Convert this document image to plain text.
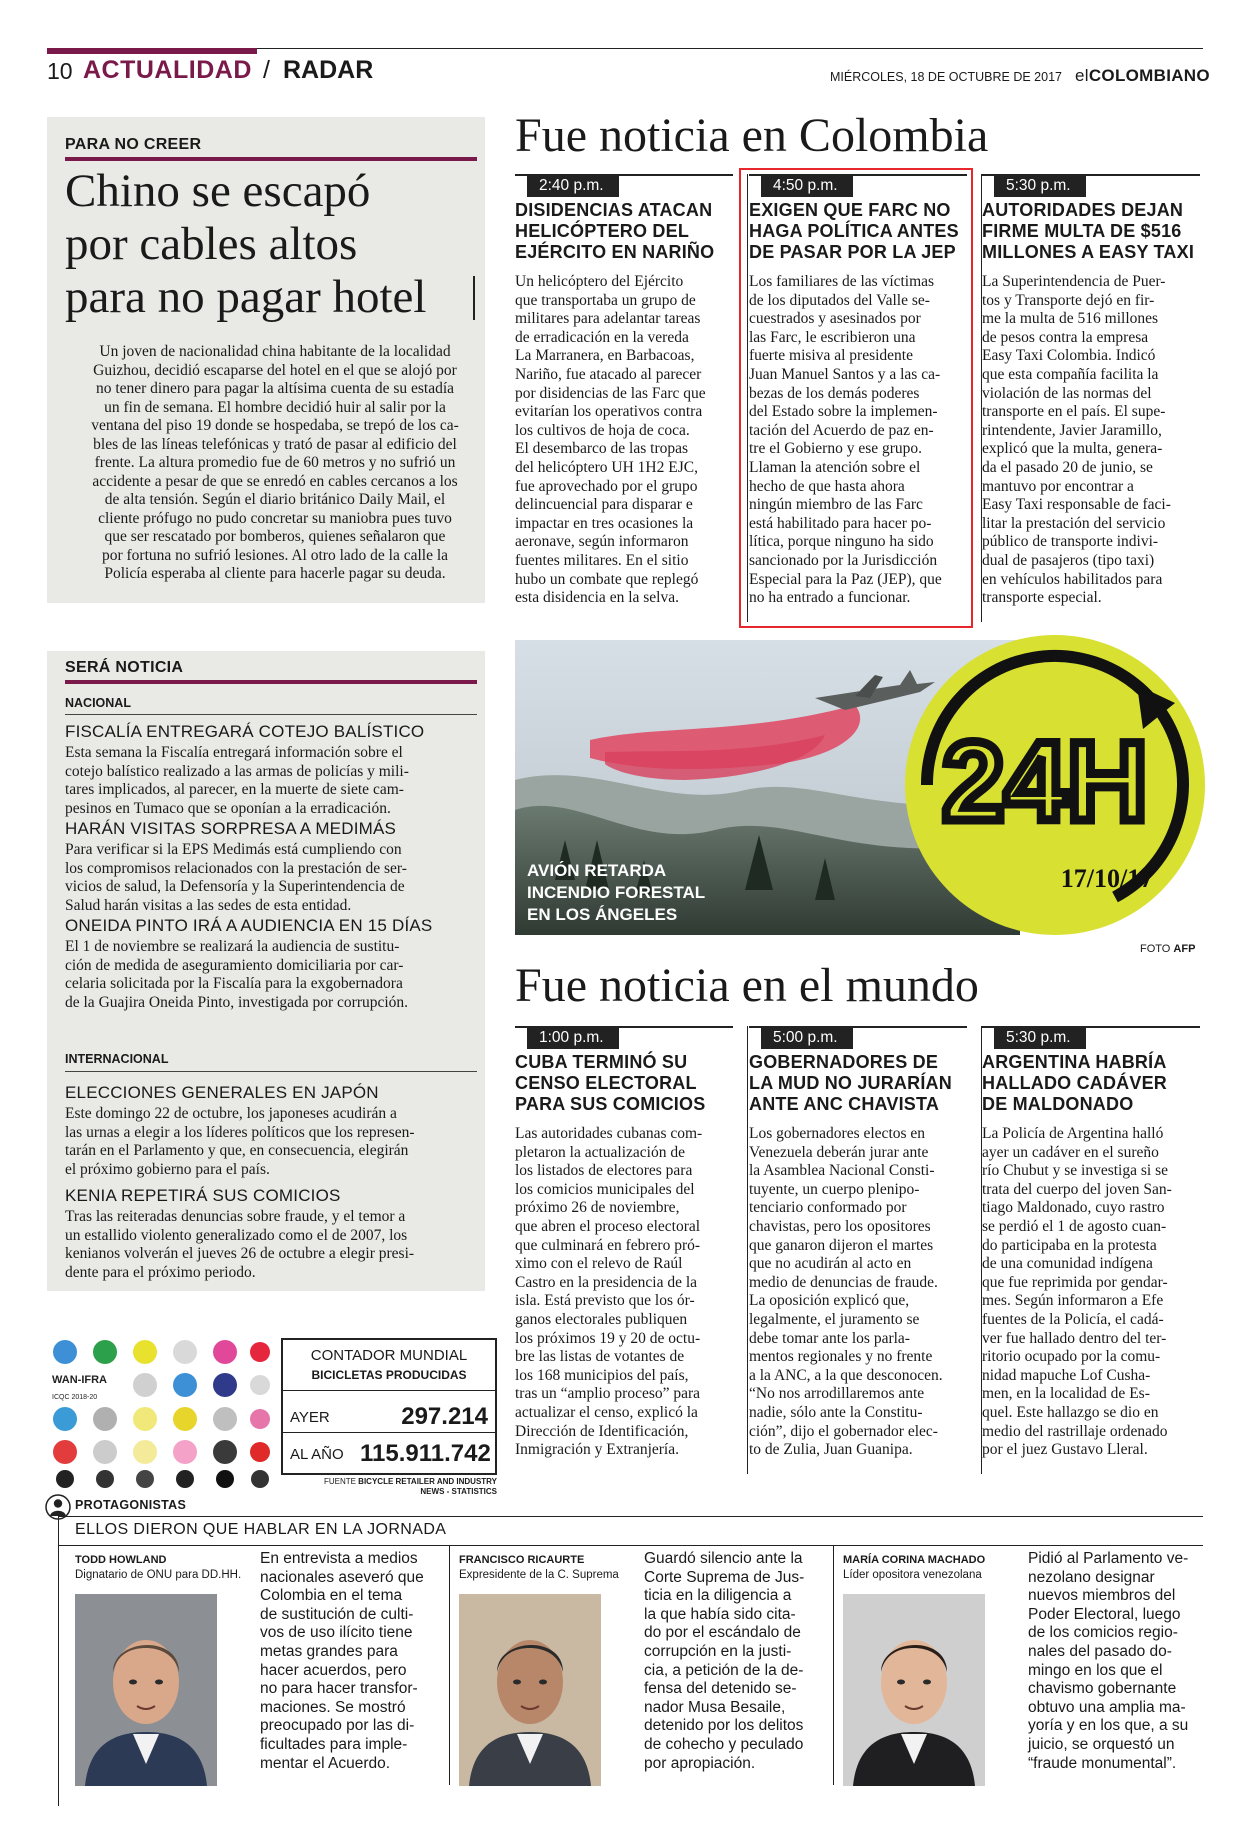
10 ACTUALIDAD / RADAR	MIÉRCOLES, 18 DE OCTUBRE DE 2017 elCOLOMBIANO
PARA NO CREER
Chino se escapó
por cables altos
para no pagar hotel
Un joven de nacionalidad china habitante de la localidad
Guizhou, decidió escaparse del hotel en el que se alojó por
no tener dinero para pagar la altísima cuenta de su estadía
un fin de semana. El hombre decidió huir al salir por la
ventana del piso 19 donde se hospedaba, se trepó de los ca-
bles de las líneas telefónicas y trató de pasar al edificio del
frente. La altura promedio fue de 60 metros y no sufrió un
accidente a pesar de que se enredó en cables cercanos a los
de alta tensión. Según el diario británico Daily Mail, el
cliente prófugo no pudo concretar su maniobra pues tuvo
que ser rescatado por bomberos, quienes señalaron que
por fortuna no sufrió lesiones. Al otro lado de la calle la
Policía esperaba al cliente para hacerle pagar su deuda.
Fue noticia en Colombia
2:40 p.m.
DISIDENCIAS ATACAN
HELICÓPTERO DEL
EJÉRCITO EN NARIÑO
Un helicóptero del Ejército
que transportaba un grupo de
militares para adelantar tareas
de erradicación en la vereda
La Marranera, en Barbacoas,
Nariño, fue atacado al parecer
por disidencias de las Farc que
evitarían los operativos contra
los cultivos de hoja de coca.
El desembarco de las tropas
del helicóptero UH 1H2 EJC,
fue aprovechado por el grupo
delincuencial para disparar e
impactar en tres ocasiones la
aeronave, según informaron
fuentes militares. En el sitio
hubo un combate que replegó
esta disidencia en la selva.
4:50 p.m.
EXIGEN QUE FARC NO
HAGA POLÍTICA ANTES
DE PASAR POR LA JEP
Los familiares de las víctimas
de los diputados del Valle se-
cuestrados y asesinados por
las Farc, le escribieron una
fuerte misiva al presidente
Juan Manuel Santos y a las ca-
bezas de los demás poderes
del Estado sobre la implemen-
tación del Acuerdo de paz en-
tre el Gobierno y ese grupo.
Llaman la atención sobre el
hecho de que hasta ahora
ningún miembro de las Farc
está habilitado para hacer po-
lítica, porque ninguno ha sido
sancionado por la Jurisdicción
Especial para la Paz (JEP), que
no ha entrado a funcionar.
5:30 p.m.
AUTORIDADES DEJAN
FIRME MULTA DE $516
MILLONES A EASY TAXI
La Superintendencia de Puer-
tos y Transporte dejó en fir-
me la multa de 516 millones
de pesos contra la empresa
Easy Taxi Colombia. Indicó
que esta compañía facilita la
violación de las normas del
transporte en el país. El supe-
rintendente, Javier Jaramillo,
explicó que la multa, genera-
da el pasado 20 de junio, se
mantuvo por encontrar a
Easy Taxi responsable de faci-
litar la prestación del servicio
público de transporte indivi-
dual de pasajeros (tipo taxi)
en vehículos habilitados para
transporte especial.
SERÁ NOTICIA
NACIONAL
FISCALÍA ENTREGARÁ COTEJO BALÍSTICO
Esta semana la Fiscalía entregará información sobre el
cotejo balístico realizado a las armas de policías y mili-
tares implicados, al parecer, en la muerte de siete cam-
pesinos en Tumaco que se oponían a la erradicación.
HARÁN VISITAS SORPRESA A MEDIMÁS
Para verificar si la EPS Medimás está cumpliendo con
los compromisos relacionados con la prestación de ser-
vicios de salud, la Defensoría y la Superintendencia de
Salud harán visitas a las sedes de esta entidad.
ONEIDA PINTO IRÁ A AUDIENCIA EN 15 DÍAS
El 1 de noviembre se realizará la audiencia de sustitu-
ción de medida de aseguramiento domiciliaria por car-
celaria solicitada por la Fiscalía para la exgobernadora
de la Guajira Oneida Pinto, investigada por corrupción.
INTERNACIONAL
ELECCIONES GENERALES EN JAPÓN
Este domingo 22 de octubre, los japoneses acudirán a
las urnas a elegir a los líderes políticos que los represen-
tarán en el Parlamento y que, en consecuencia, elegirán
el próximo gobierno para el país.
KENIA REPETIRÁ SUS COMICIOS
Tras las reiteradas denuncias sobre fraude, y el temor a
un estallido violento generalizado como el de 2007, los
kenianos volverán el jueves 26 de octubre a elegir presi-
dente para el próximo periodo.
AVIÓN RETARDA
INCENDIO FORESTAL
EN LOS ÁNGELES
24H
17/10/17
FOTO AFP
Fue noticia en el mundo
1:00 p.m.
CUBA TERMINÓ SU
CENSO ELECTORAL
PARA SUS COMICIOS
Las autoridades cubanas com-
pletaron la actualización de
los listados de electores para
los comicios municipales del
próximo 26 de noviembre,
que abren el proceso electoral
que culminará en febrero pró-
ximo con el relevo de Raúl
Castro en la presidencia de la
isla. Está previsto que los ór-
ganos electorales publiquen
los próximos 19 y 20 de octu-
bre las listas de votantes de
los 168 municipios del país,
tras un “amplio proceso” para
actualizar el censo, explicó la
Dirección de Identificación,
Inmigración y Extranjería.
5:00 p.m.
GOBERNADORES DE
LA MUD NO JURARÍAN
ANTE ANC CHAVISTA
Los gobernadores electos en
Venezuela deberán jurar ante
la Asamblea Nacional Consti-
tuyente, un cuerpo plenipo-
tenciario conformado por
chavistas, pero los opositores
que ganaron dijeron el martes
que no acudirán al acto en
medio de denuncias de fraude.
La oposición explicó que,
legalmente, el juramento se
debe tomar ante los parla-
mentos regionales y no frente
a la ANC, a la que desconocen.
“No nos arrodillaremos ante
nadie, sólo ante la Constitu-
ción”, dijo el gobernador elec-
to de Zulia, Juan Guanipa.
5:30 p.m.
ARGENTINA HABRÍA
HALLADO CADÁVER
DE MALDONADO
La Policía de Argentina halló
ayer un cadáver en el sureño
río Chubut y se investiga si se
trata del cuerpo del joven San-
tiago Maldonado, cuyo rastro
se perdió el 1 de agosto cuan-
do participaba en la protesta
de una comunidad indígena
que fue reprimida por gendar-
mes. Según informaron a Efe
fuentes de la Policía, el cadá-
ver fue hallado dentro del ter-
ritorio ocupado por la comu-
nidad mapuche Lof Cusha-
men, en la localidad de Es-
quel. Este hallazgo se dio en
medio del rastrillaje ordenado
por el juez Gustavo Lleral.
WAN-IFRA
ICQC 2018-20
CONTADOR MUNDIAL
BICICLETAS PRODUCIDAS
AYER	297.214
AL AÑO 115.911.742
FUENTE BICYCLE RETAILER AND INDUSTRY
NEWS - STATISTICS
PROTAGONISTAS
ELLOS DIERON QUE HABLAR EN LA JORNADA
TODD HOWLAND
Dignatario de ONU para DD.HH.
En entrevista a medios
nacionales aseveró que
Colombia en el tema
de sustitución de culti-
vos de uso ilícito tiene
metas grandes para
hacer acuerdos, pero
no para hacer transfor-
maciones. Se mostró
preocupado por las di-
ficultades para imple-
mentar el Acuerdo.
FRANCISCO RICAURTE
Expresidente de la C. Suprema
Guardó silencio ante la
Corte Suprema de Jus-
ticia en la diligencia a
la que había sido cita-
do por el escándalo de
corrupción en la justi-
cia, a petición de la de-
fensa del detenido se-
nador Musa Besaile,
detenido por los delitos
de cohecho y peculado
por apropiación.
MARÍA CORINA MACHADO
Líder opositora venezolana
Pidió al Parlamento ve-
nezolano designar
nuevos miembros del
Poder Electoral, luego
de los comicios regio-
nales del pasado do-
mingo en los que el
chavismo gobernante
obtuvo una amplia ma-
yoría y en los que, a su
juicio, se orquestó un
“fraude monumental”.
